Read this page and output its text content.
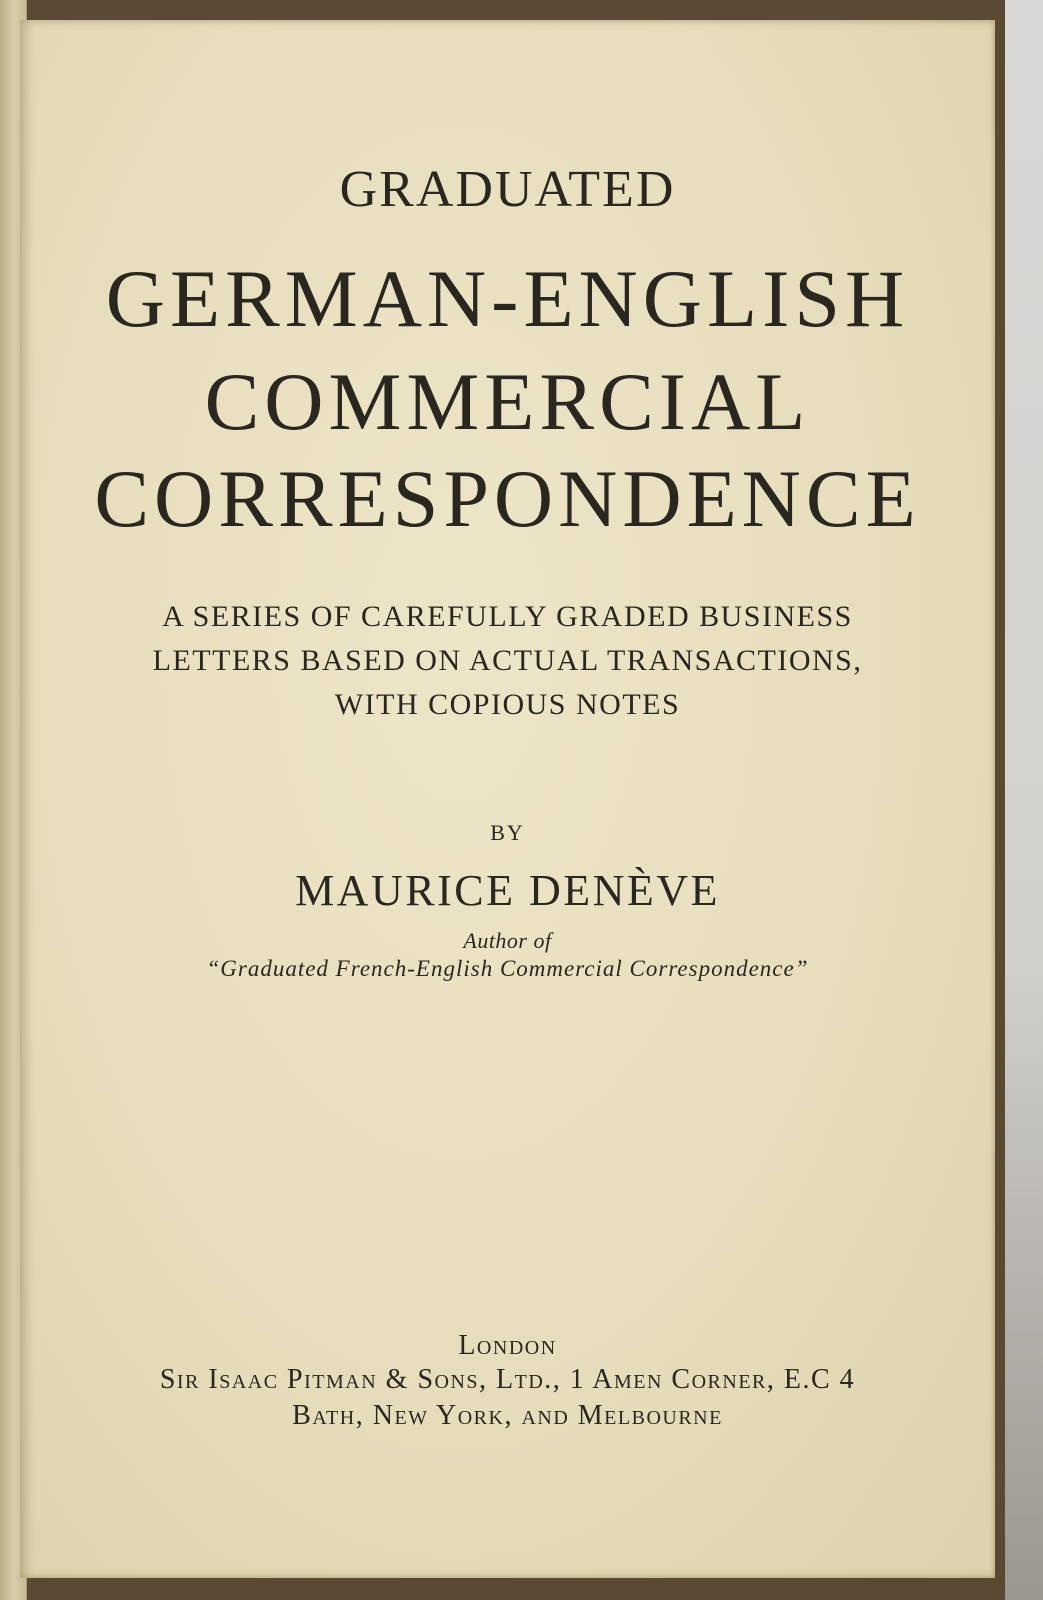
GRADUATED
GERMAN-ENGLISH
COMMERCIAL
CORRESPONDENCE
A SERIES OF CAREFULLY GRADED BUSINESS
LETTERS BASED ON ACTUAL TRANSACTIONS,
WITH COPIOUS NOTES
BY
MAURICE DENÈVE
Author of
“Graduated French-English Commercial Correspondence”
London
Sir Isaac Pitman & Sons, Ltd., 1 Amen Corner, E.C 4
Bath, New York, and Melbourne
